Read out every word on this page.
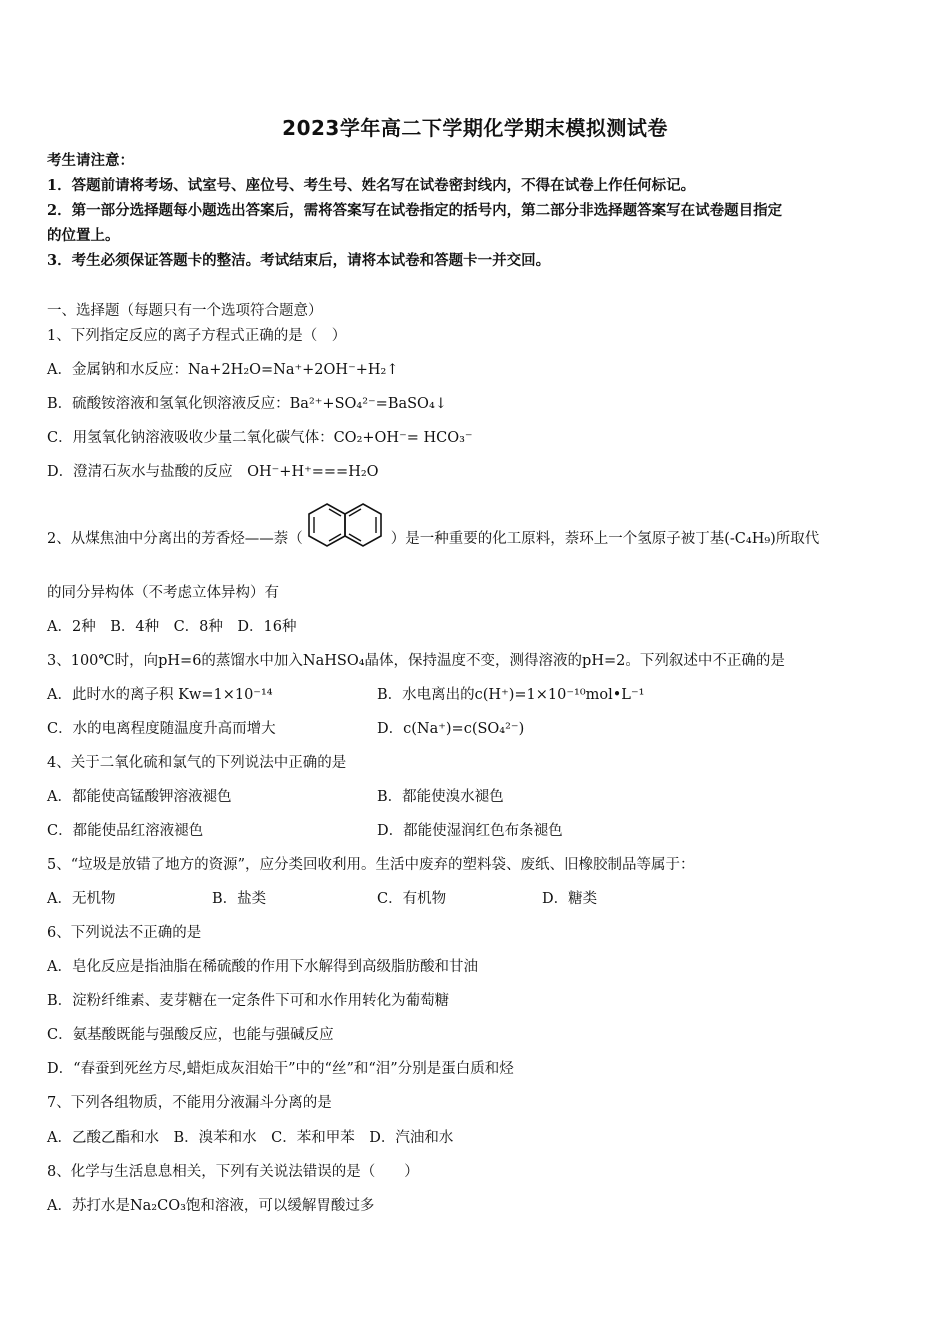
2023学年高二下学期化学期末模拟测试卷
考生请注意：
1．答题前请将考场、试室号、座位号、考生号、姓名写在试卷密封线内，不得在试卷上作任何标记。
2．第一部分选择题每小题选出答案后，需将答案写在试卷指定的括号内，第二部分非选择题答案写在试卷题目指定
的位置上。
3．考生必须保证答题卡的整洁。考试结束后，请将本试卷和答题卡一并交回。
一、选择题（每题只有一个选项符合题意）
1、下列指定反应的离子方程式正确的是（　）
A．金属钠和水反应：Na+2H₂O=Na⁺+2OH⁻+H₂↑
B．硫酸铵溶液和氢氧化钡溶液反应：Ba²⁺+SO₄²⁻=BaSO₄↓
C．用氢氧化钠溶液吸收少量二氧化碳气体：CO₂+OH⁻= HCO₃⁻
D．澄清石灰水与盐酸的反应　OH⁻+H⁺===H₂O
2、从煤焦油中分离出的芳香烃——萘（	）是一种重要的化工原料，萘环上一个氢原子被丁基(-C₄H₉)所取代
的同分异构体（不考虑立体异构）有
A．2种　B．4种　C．8种　D．16种
3、100℃时，向pH=6的蒸馏水中加入NaHSO₄晶体，保持温度不变，测得溶液的pH=2。下列叙述中不正确的是
A．此时水的离子积 Kw=1×10⁻¹⁴	B．水电离出的c(H⁺)=1×10⁻¹⁰mol•L⁻¹
C．水的电离程度随温度升高而增大	D．c(Na⁺)=c(SO₄²⁻)
4、关于二氧化硫和氯气的下列说法中正确的是
A．都能使高锰酸钾溶液褪色	B．都能使溴水褪色
C．都能使品红溶液褪色	D．都能使湿润红色布条褪色
5、“垃圾是放错了地方的资源”，应分类回收利用。生活中废弃的塑料袋、废纸、旧橡胶制品等属于：
A．无机物	B．盐类	C．有机物	D．糖类
6、下列说法不正确的是
A．皂化反应是指油脂在稀硫酸的作用下水解得到高级脂肪酸和甘油
B．淀粉纤维素、麦芽糖在一定条件下可和水作用转化为葡萄糖
C．氨基酸既能与强酸反应，也能与强碱反应
D．“春蚕到死丝方尽,蜡炬成灰泪始干”中的“丝”和“泪”分别是蛋白质和烃
7、下列各组物质，不能用分液漏斗分离的是
A．乙酸乙酯和水　B．溴苯和水　C．苯和甲苯　D．汽油和水
8、化学与生活息息相关，下列有关说法错误的是（　　）
A．苏打水是Na₂CO₃饱和溶液，可以缓解胃酸过多
